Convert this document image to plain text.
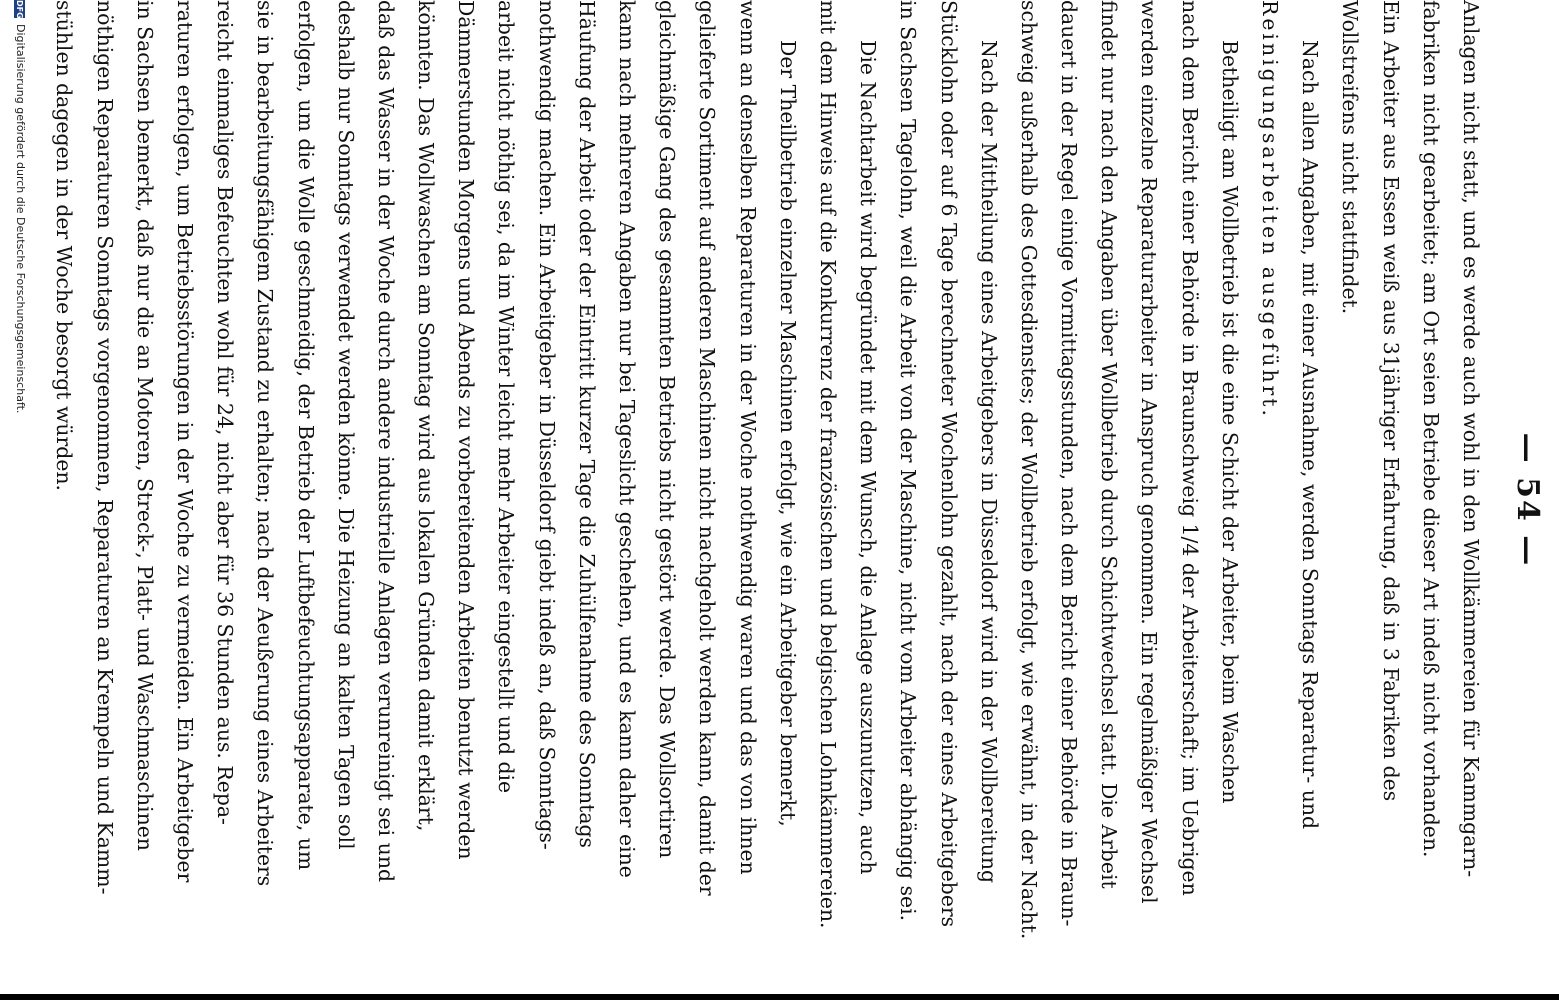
— 54 —
Anlagen nicht statt, und es werde auch wohl in den Wollkämmereien für Kammgarn-
fabriken nicht gearbeitet; am Ort seien Betriebe dieser Art indeß nicht vorhanden.
Ein Arbeiter aus Essen weiß aus 31jähriger Erfahrung, daß in 3 Fabriken des
Wollstreifens nicht stattfindet.
Nach allen Angaben, mit einer Ausnahme, werden Sonntags Reparatur- und
Reinigungsarbeiten ausgeführt.
Betheiligt am Wollbetrieb ist die eine Schicht der Arbeiter, beim Waschen
nach dem Bericht einer Behörde in Braunschweig 1/4 der Arbeiterschaft; im Uebrigen
werden einzelne Reparaturarbeiter in Anspruch genommen. Ein regelmäßiger Wechsel
findet nur nach den Angaben über Wollbetrieb durch Schichtwechsel statt. Die Arbeit
dauert in der Regel einige Vormittagsstunden, nach dem Bericht einer Behörde in Braun-
schweig außerhalb des Gottesdienstes; der Wollbetrieb erfolgt, wie erwähnt, in der Nacht.
Nach der Mittheilung eines Arbeitgebers in Düsseldorf wird in der Wollbereitung
Stücklohn oder auf 6 Tage berechneter Wochenlohn gezahlt, nach der eines Arbeitgebers
in Sachsen Tagelohn, weil die Arbeit von der Maschine, nicht vom Arbeiter abhängig sei.
Die Nachtarbeit wird begründet mit dem Wunsch, die Anlage auszunutzen, auch
mit dem Hinweis auf die Konkurrenz der französischen und belgischen Lohnkämmereien.
Der Theilbetrieb einzelner Maschinen erfolgt, wie ein Arbeitgeber bemerkt,
wenn an denselben Reparaturen in der Woche nothwendig waren und das von ihnen
gelieferte Sortiment auf anderen Maschinen nicht nachgeholt werden kann, damit der
gleichmäßige Gang des gesammten Betriebs nicht gestört werde. Das Wollsortiren
kann nach mehreren Angaben nur bei Tageslicht geschehen, und es kann daher eine
Häufung der Arbeit oder der Eintritt kurzer Tage die Zuhülfenahme des Sonntags
nothwendig machen. Ein Arbeitgeber in Düsseldorf giebt indeß an, daß Sonntags-
arbeit nicht nöthig sei, da im Winter leicht mehr Arbeiter eingestellt und die
Dämmerstunden Morgens und Abends zu vorbereitenden Arbeiten benutzt werden
könnten. Das Wollwaschen am Sonntag wird aus lokalen Gründen damit erklärt,
daß das Wasser in der Woche durch andere industrielle Anlagen verunreinigt sei und
deshalb nur Sonntags verwendet werden könne. Die Heizung an kalten Tagen soll
erfolgen, um die Wolle geschmeidig, der Betrieb der Luftbefeuchtungsapparate, um
sie in bearbeitungsfähigem Zustand zu erhalten; nach der Aeußerung eines Arbeiters
reicht einmaliges Befeuchten wohl für 24, nicht aber für 36 Stunden aus. Repa-
raturen erfolgen, um Betriebsstörungen in der Woche zu vermeiden. Ein Arbeitgeber
in Sachsen bemerkt, daß nur die an Motoren, Streck-, Platt- und Waschmaschinen
nöthigen Reparaturen Sonntags vorgenommen, Reparaturen an Krempeln und Kamm-
stühlen dagegen in der Woche besorgt würden.
DFGDigitalisierung gefördert durch die Deutsche Forschungsgemeinschaft.
